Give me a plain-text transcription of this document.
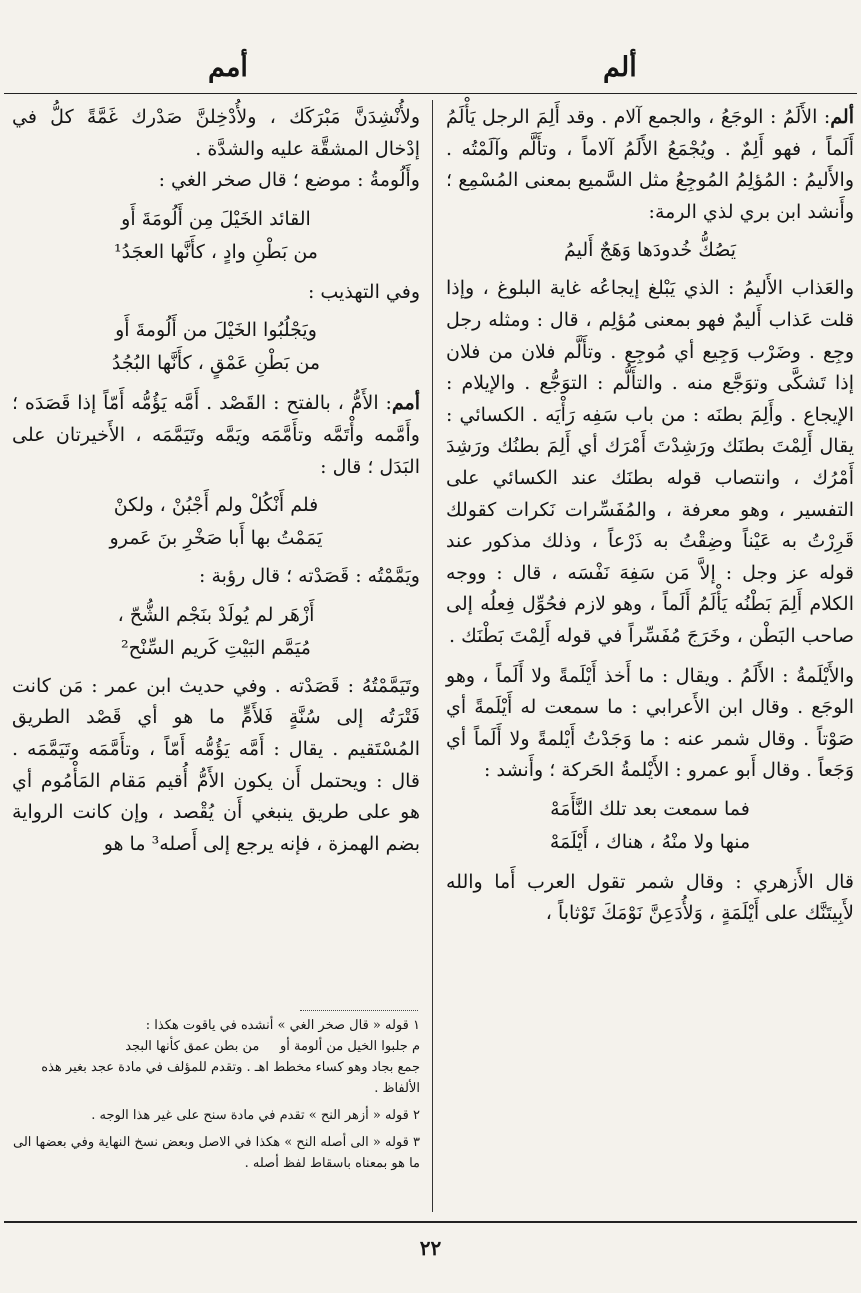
ألم
أمم

ألم: الأَلَمُ : الوجَعُ ، والجمع آلام . وقد أَلِمَ الرجل يَأْلَمُ أَلَماً ، فهو أَلِمٌ . ويُجْمَعُ الأَلَمُ آلاماً ، وتأَلَّم وآلَمْتُه . والأَليمُ : المُؤلِمُ المُوجِعُ مثل السَّميع بمعنى المُسْمِع ؛ وأَنشد ابن بري لذي الرمة:

يَصُكُّ خُدودَها وَهَجٌ أَليمُ

والعَذاب الأَليمُ : الذي يَبْلغ إيجاعُه غاية البلوغ ، وإذا قلت عَذاب أَليمٌ فهو بمعنى مُؤلِم ، قال : ومثله رجل وجِع . وضَرْب وَجِيع أي مُوجِع . وتأَلَّم فلان من فلان إذا تَشكَّى وتوَجَّع منه . والتأَلُّم : التوَجُّع . والإيلام : الإيجاع . وأَلِمَ بطنَه : من باب سَفِه رَأْيَه . الكسائي : يقال أَلِمْتَ بطنَك ورَشِدْتَ أَمْرَك أي أَلِمَ بطنُك ورَشِدَ أَمْرُك ، وانتصاب قوله بطنَك عند الكسائي على التفسير ، وهو معرفة ، والمُفَسِّرات نَكرات كقولك قَرِرْتُ به عَيْناً وضِقْتُ به ذَرْعاً ، وذلك مذكور عند قوله عز وجل : إلاَّ مَن سَفِهَ نَفْسَه ، قال : ووجه الكلام أَلِمَ بَطْنُه يَأْلَمُ أَلَماً ، وهو لازم فحُوِّل فِعلُه إلى صاحب البَطْن ، وخَرَجَ مُفَسِّراً في قوله أَلِمْتَ بَطْنَك .

والأَيْلَمةُ : الأَلَمُ . ويقال : ما أَخذ أَيْلَمةً ولا أَلَماً ، وهو الوجَع . وقال ابن الأَعرابي : ما سمعت له أَيْلَمةً أي صَوْتاً . وقال شمر عنه : ما وَجَدْتُ أَيْلمةً ولا أَلَماً أي وَجَعاً . وقال أَبو عمرو : الأَيْلمةُ الحَركة ؛ وأَنشد :

فما سمعت بعد تلك النَّأَمَهْ
منها ولا منْهُ ، هناك ، أَيْلَمَهْ

قال الأَزهري : وقال شمر تقول العرب أَما والله لأَبِيتَنَّك على أَيْلَمَةٍ ، وَلأُدَعِنَّ نَوْمَكَ تَوْثاباً ،

ولأُنْشِدَنَّ مَبْرَكَك ، ولأُدْخِلنَّ صَدْرك غَمَّةً كلُّ في إدْخال المشقَّة عليه والشدَّة .

وأَلُومةُ : موضع ؛ قال صخر الغي :

القائد الخَيْلَ مِن أَلُومَةَ أَو
من بَطْنِ وادٍ ، كأَنَّها العجَدُ¹

وفي التهذيب :

ويَجْلُبُوا الخَيْلَ من أَلُومةَ أَو
من بَطْنِ عَمْقٍ ، كأَنَّها البُجُدُ

أمم: الأَمُّ ، بالفتح : القَصْد . أَمَّه يَؤُمُّه أَمّاً إذا قَصَدَه ؛ وأَمَّمه وأْتَمَّه وتأَمَّمَه ويَمَّه وتَيَمَّمَه ، الأَخيرتان على البَدَل ؛ قال :

فلم أَنْكُلْ ولم أَجْبُنْ ، ولكنْ
يَمَمْتُ بها أَبا صَخْرِ بنَ عَمرو

ويَمَّمْتُه : قَصَدْته ؛ قال رؤبة :

أَزْهَر لم يُولَدْ بنَجْم الشُّحّ ،
مُيَمَّم البَيْتِ كَريم السِّنْح²

وتَيَمَّمْتُهُ : قَصَدْته . وفي حديث ابن عمر : مَن كانت فَتْرَتُه إلى سُنَّةٍ فَلأَمٍّ ما هو أي قَصْد الطريق المُسْتَقيم . يقال : أَمَّه يَؤُمُّه أَمّاً ، وتأَمَّمَه وتَيَمَّمَه . قال : ويحتمل أَن يكون الأَمُّ أُقيم مَقام المَأْمُوم أي هو على طريق ينبغي أَن يُقْصد ، وإن كانت الرواية بضم الهمزة ، فإنه يرجع إلى أَصله³ ما هو

١ قوله « قال صخر الغي » أنشده في ياقوت هكذا :
م جلبوا الخيل من ألومة أو     من بطن عمق كأنها البجد
جمع بجاد وهو كساء مخطط اهـ . وتقدم للمؤلف في مادة عجد بغير هذه الألفاظ .

٢ قوله « أزهر النح » تقدم في مادة سنح على غير هذا الوجه .

٣ قوله « الى أصله النح » هكذا في الاصل وبعض نسخ النهاية وفي بعضها الى ما هو بمعناه باسقاط لفظ أصله .

٢٢
